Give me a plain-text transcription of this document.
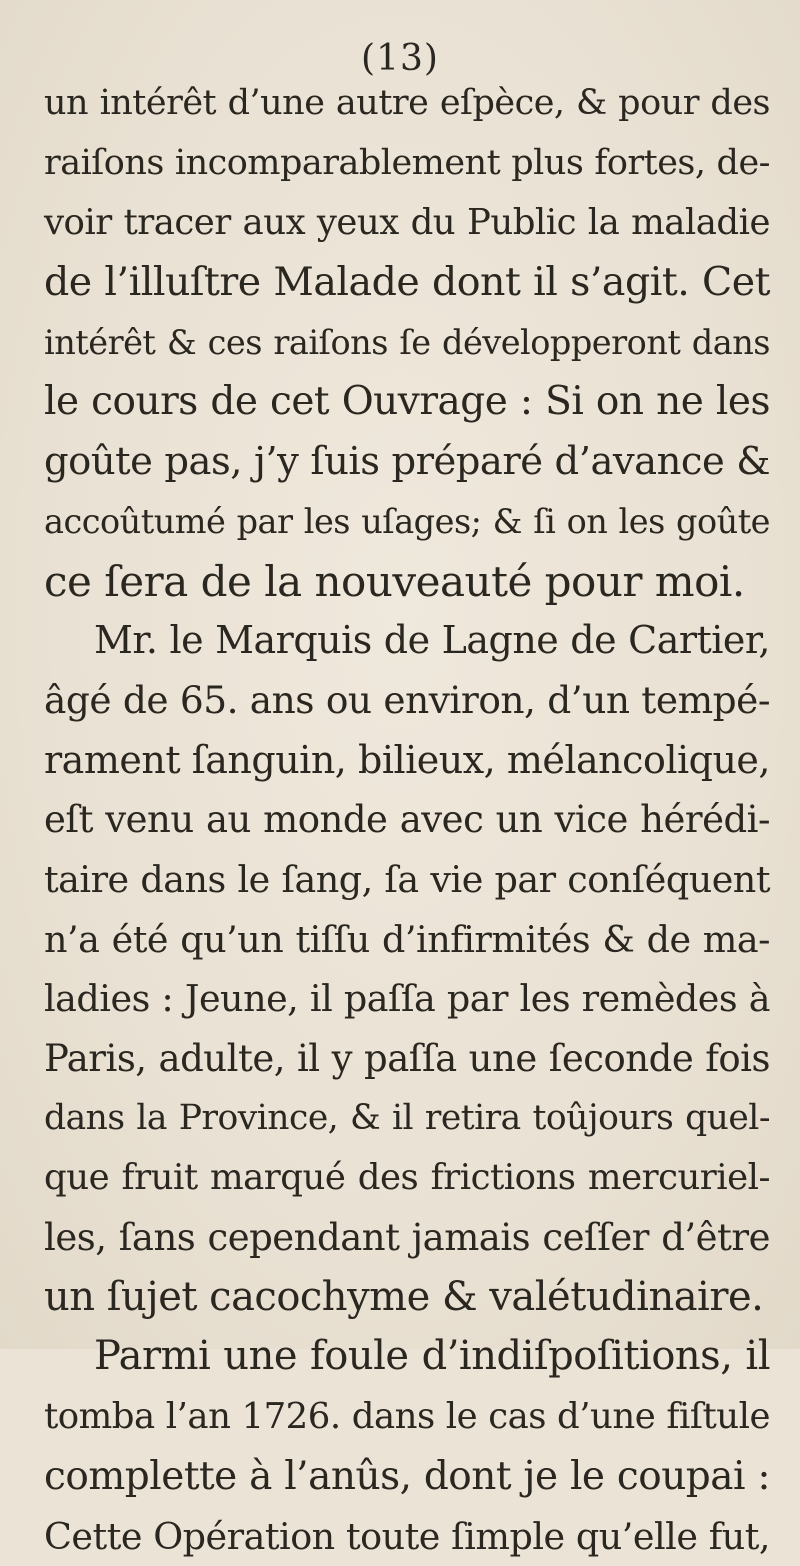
(13)
un intérêt d’une autre eſpèce, & pour des
raiſons incomparablement plus fortes, de-
voir tracer aux yeux du Public la maladie
de l’illuſtre Malade dont il s’agit. Cet
intérêt & ces raiſons ſe développeront dans
le cours de cet Ouvrage : Si on ne les
goûte pas, j’y ſuis préparé d’avance &
accoûtumé par les uſages; & ſi on les goûte
ce ſera de la nouveauté pour moi.
Mr. le Marquis de Lagne de Cartier,
âgé de 65. ans ou environ, d’un tempé-
rament ſanguin, bilieux, mélancolique,
eſt venu au monde avec un vice hérédi-
taire dans le ſang, ſa vie par conſéquent
n’a été qu’un tiſſu d’infirmités & de ma-
ladies : Jeune, il paſſa par les remèdes à
Paris, adulte, il y paſſa une ſeconde fois
dans la Province, & il retira toûjours quel-
que fruit marqué des frictions mercuriel-
les, ſans cependant jamais ceſſer d’être
un ſujet cacochyme & valétudinaire.
Parmi une foule d’indiſpoſitions, il
tomba l’an 1726. dans le cas d’une fiſtule
complette à l’anûs, dont je le coupai :
Cette Opération toute ſimple qu’elle fut,
